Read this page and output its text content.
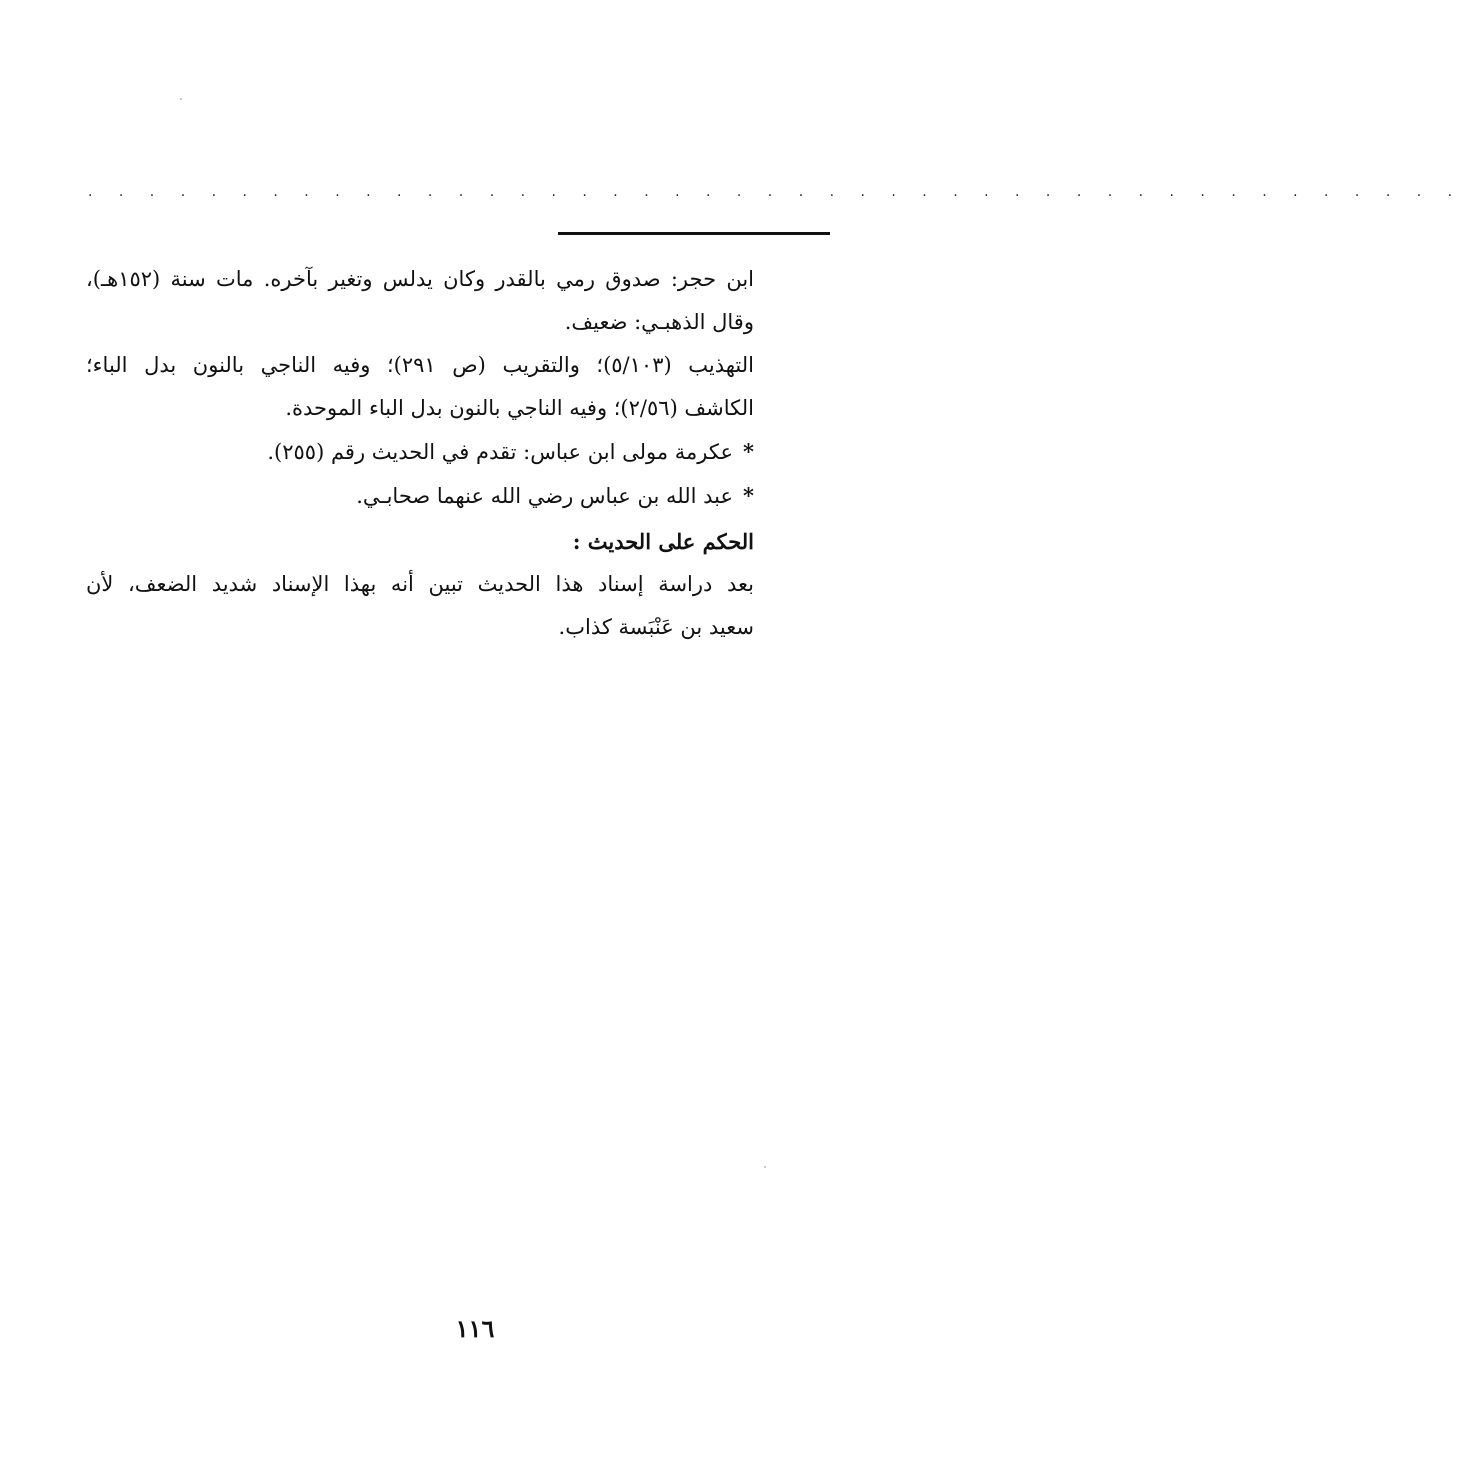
. . . . . . . . . . . . . . . . . . . . . . . . . . . . . . . . . . . . . . . . . . . . .
ابن حجر: صدوق رمي بالقدر وكان يدلس وتغير بآخره. مات سنة (١٥٢هـ)،
وقال الذهبـي: ضعيف.
التهذيب (٥/١٠٣)؛ والتقريب (ص ٢٩١)؛ وفيه الناجي بالنون بدل الباء؛
الكاشف (٢/٥٦)؛ وفيه الناجي بالنون بدل الباء الموحدة.
*عكرمة مولى ابن عباس: تقدم في الحديث رقم (٢٥٥).
*عبد الله بن عباس رضي الله عنهما صحابـي.
الحكم على الحديث :
بعد دراسة إسناد هذا الحديث تبين أنه بهذا الإسناد شديد الضعف، لأن
سعيد بن عَنْبَسة كذاب.
١١٦
